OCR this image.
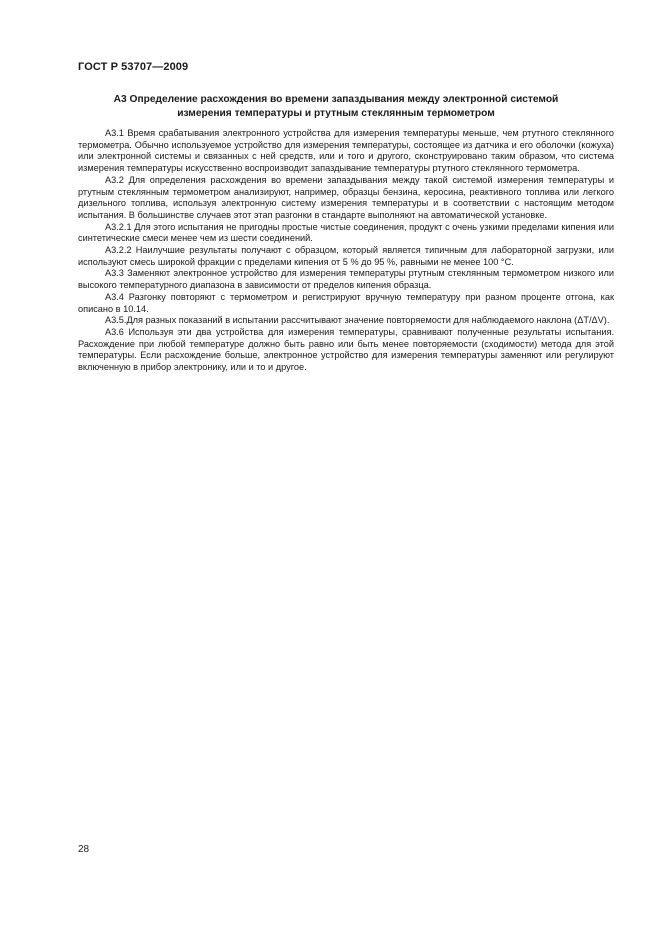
ГОСТ Р 53707—2009
А3 Определение расхождения во времени запаздывания между электронной системой
измерения температуры и ртутным стеклянным термометром

А3.1 Время срабатывания электронного устройства для измерения температуры меньше, чем ртутного стеклянного термометра. Обычно используемое устройство для измерения температуры, состоящее из датчика и его оболочки (кожуха) или электронной системы и связанных с ней средств, или и того и другого, сконструировано таким образом, что система измерения температуры искусственно воспроизводит запаздывание температуры ртутного стеклянного термометра.

А3.2 Для определения расхождения во времени запаздывания между такой системой измерения температуры и ртутным стеклянным термометром анализируют, например, образцы бензина, керосина, реактивного топлива или легкого дизельного топлива, используя электронную систему измерения температуры и в соответствии с настоящим методом испытания. В большинстве случаев этот этап разгонки в стандарте выполняют на автоматической установке.

А3.2.1 Для этого испытания не пригодны простые чистые соединения, продукт с очень узкими пределами кипения или синтетические смеси менее чем из шести соединений.

А3.2.2 Наилучшие результаты получают с образцом, который является типичным для лабораторной загрузки, или используют смесь широкой фракции с пределами кипения от 5 % до 95 %, равными не менее 100 °С.

А3.3 Заменяют электронное устройство для измерения температуры ртутным стеклянным термометром низкого или высокого температурного диапазона в зависимости от пределов кипения образца.

А3.4 Разгонку повторяют с термометром и регистрируют вручную температуру при разном проценте отгона, как описано в 10.14.

А3.5.Для разных показаний в испытании рассчитывают значение повторяемости для наблюдаемого наклона (ΔT/ΔV).

А3.6 Используя эти два устройства для измерения температуры, сравнивают полученные результаты испытания. Расхождение при любой температуре должно быть равно или быть менее повторяемости (сходимости) метода для этой температуры. Если расхождение больше, электронное устройство для измерения температуры заменяют или регулируют включенную в прибор электронику, или и то и другое.

28
